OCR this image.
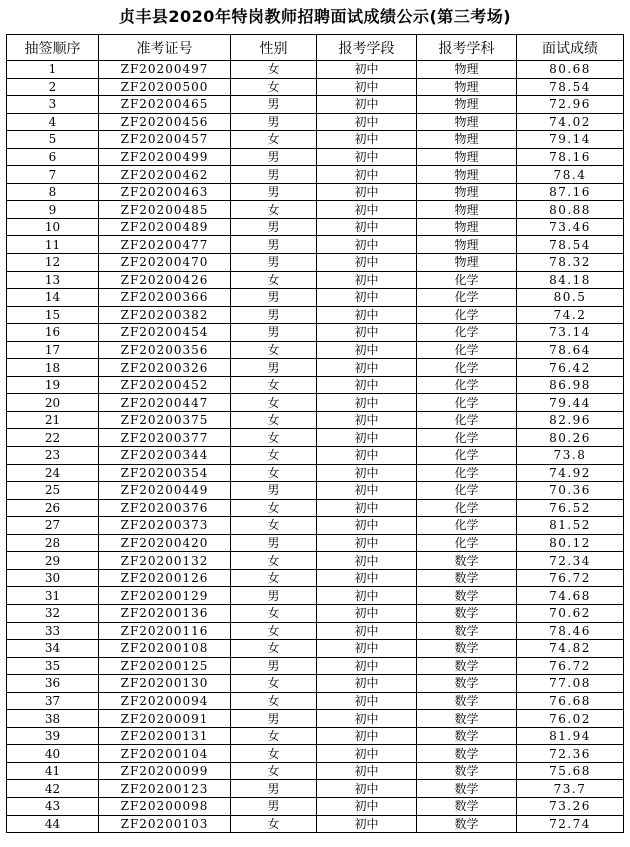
贞丰县2020年特岗教师招聘面试成绩公示(第三考场)
抽签顺序	准考证号	性别	报考学段	报考学科	面试成绩
1	ZF20200497	女	初中	物理	80.68
2	ZF20200500	女	初中	物理	78.54
3	ZF20200465	男	初中	物理	72.96
4	ZF20200456	男	初中	物理	74.02
5	ZF20200457	女	初中	物理	79.14
6	ZF20200499	男	初中	物理	78.16
7	ZF20200462	男	初中	物理	78.4
8	ZF20200463	男	初中	物理	87.16
9	ZF20200485	女	初中	物理	80.88
10	ZF20200489	男	初中	物理	73.46
11	ZF20200477	男	初中	物理	78.54
12	ZF20200470	男	初中	物理	78.32
13	ZF20200426	女	初中	化学	84.18
14	ZF20200366	男	初中	化学	80.5
15	ZF20200382	男	初中	化学	74.2
16	ZF20200454	男	初中	化学	73.14
17	ZF20200356	女	初中	化学	78.64
18	ZF20200326	男	初中	化学	76.42
19	ZF20200452	女	初中	化学	86.98
20	ZF20200447	女	初中	化学	79.44
21	ZF20200375	女	初中	化学	82.96
22	ZF20200377	女	初中	化学	80.26
23	ZF20200344	女	初中	化学	73.8
24	ZF20200354	女	初中	化学	74.92
25	ZF20200449	男	初中	化学	70.36
26	ZF20200376	女	初中	化学	76.52
27	ZF20200373	女	初中	化学	81.52
28	ZF20200420	男	初中	化学	80.12
29	ZF20200132	女	初中	数学	72.34
30	ZF20200126	女	初中	数学	76.72
31	ZF20200129	男	初中	数学	74.68
32	ZF20200136	女	初中	数学	70.62
33	ZF20200116	女	初中	数学	78.46
34	ZF20200108	女	初中	数学	74.82
35	ZF20200125	男	初中	数学	76.72
36	ZF20200130	女	初中	数学	77.08
37	ZF20200094	女	初中	数学	76.68
38	ZF20200091	男	初中	数学	76.02
39	ZF20200131	女	初中	数学	81.94
40	ZF20200104	女	初中	数学	72.36
41	ZF20200099	女	初中	数学	75.68
42	ZF20200123	男	初中	数学	73.7
43	ZF20200098	男	初中	数学	73.26
44	ZF20200103	女	初中	数学	72.74
